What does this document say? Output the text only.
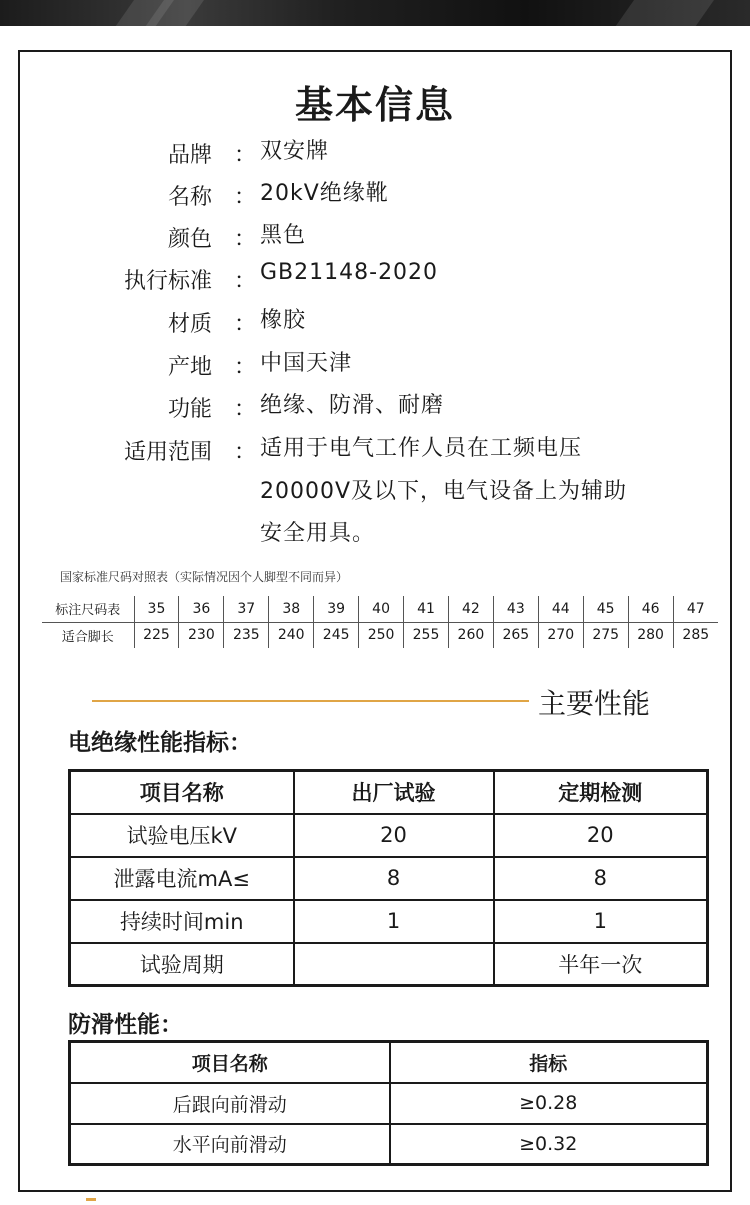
基本信息
品牌 ： 双安牌
名称 ： 20kV绝缘靴
颜色 ： 黑色
执行标准 ： GB21148-2020
材质 ： 橡胶
产地 ： 中国天津
功能 ： 绝缘、防滑、耐磨
适用范围 ： 适用于电气工作人员在工频电压
20000V及以下，电气设备上为辅助
安全用具。
国家标准尺码对照表（实际情况因个人脚型不同而异）
标注尺码表	35	36	37	38	39	40	41	42	43	44	45	46	47
适合脚长	225	230	235	240	245	250	255	260	265	270	275	280	285
主要性能
电绝缘性能指标：
项目名称	出厂试验	定期检测
试验电压kV	20	20
泄露电流mA≤	8	8
持续时间min	1	1
试验周期		半年一次
防滑性能：
项目名称	指标
后跟向前滑动	≥0.28
水平向前滑动	≥0.32
